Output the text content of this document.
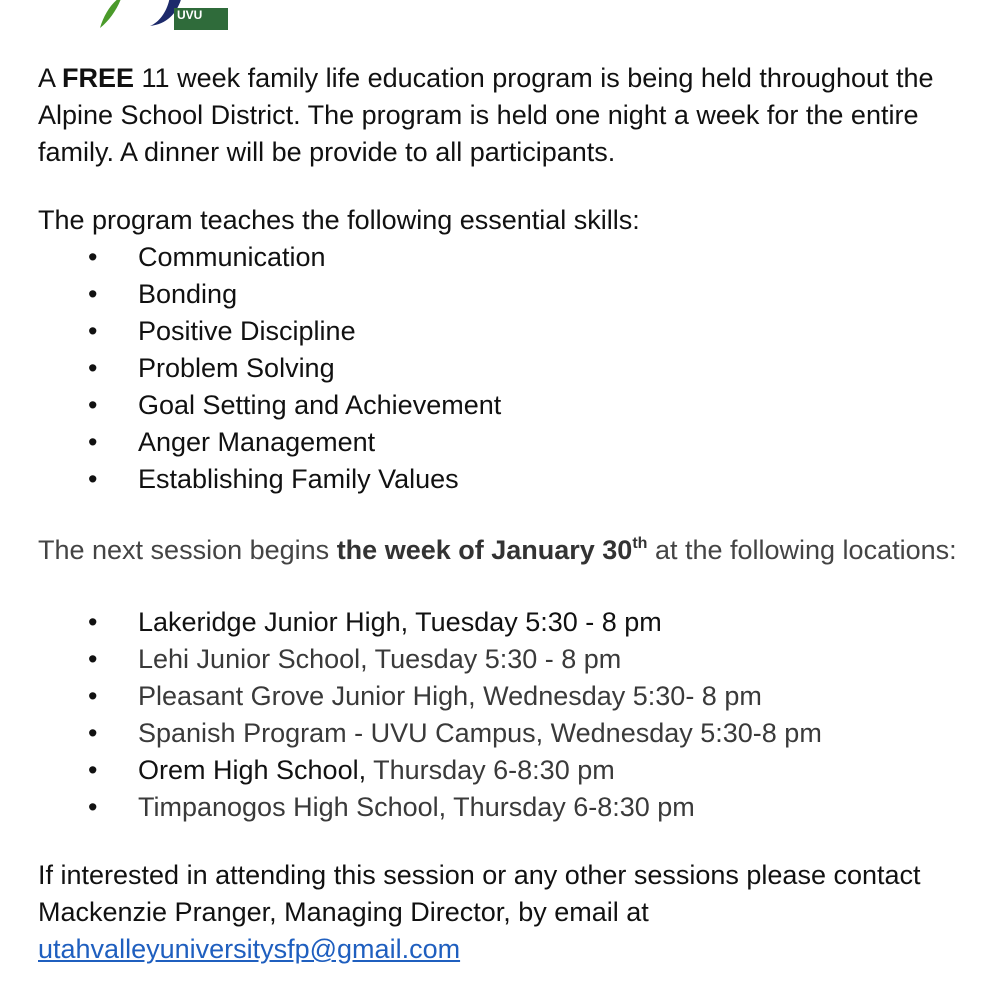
UVU

A FREE 11 week family life education program is being held throughout the Alpine School District. The program is held one night a week for the entire family. A dinner will be provide to all participants.

The program teaches the following essential skills:

• Communication
• Bonding
• Positive Discipline
• Problem Solving
• Goal Setting and Achievement
• Anger Management
• Establishing Family Values

The next session begins the week of January 30th at the following locations:

• Lakeridge Junior High, Tuesday 5:30 - 8 pm
• Lehi Junior School, Tuesday 5:30 - 8 pm
• Pleasant Grove Junior High, Wednesday 5:30- 8 pm
• Spanish Program - UVU Campus, Wednesday 5:30-8 pm
• Orem High School, Thursday 6-8:30 pm
• Timpanogos High School, Thursday 6-8:30 pm

If interested in attending this session or any other sessions please contact Mackenzie Pranger, Managing Director, by email at
utahvalleyuniversitysfp@gmail.com
